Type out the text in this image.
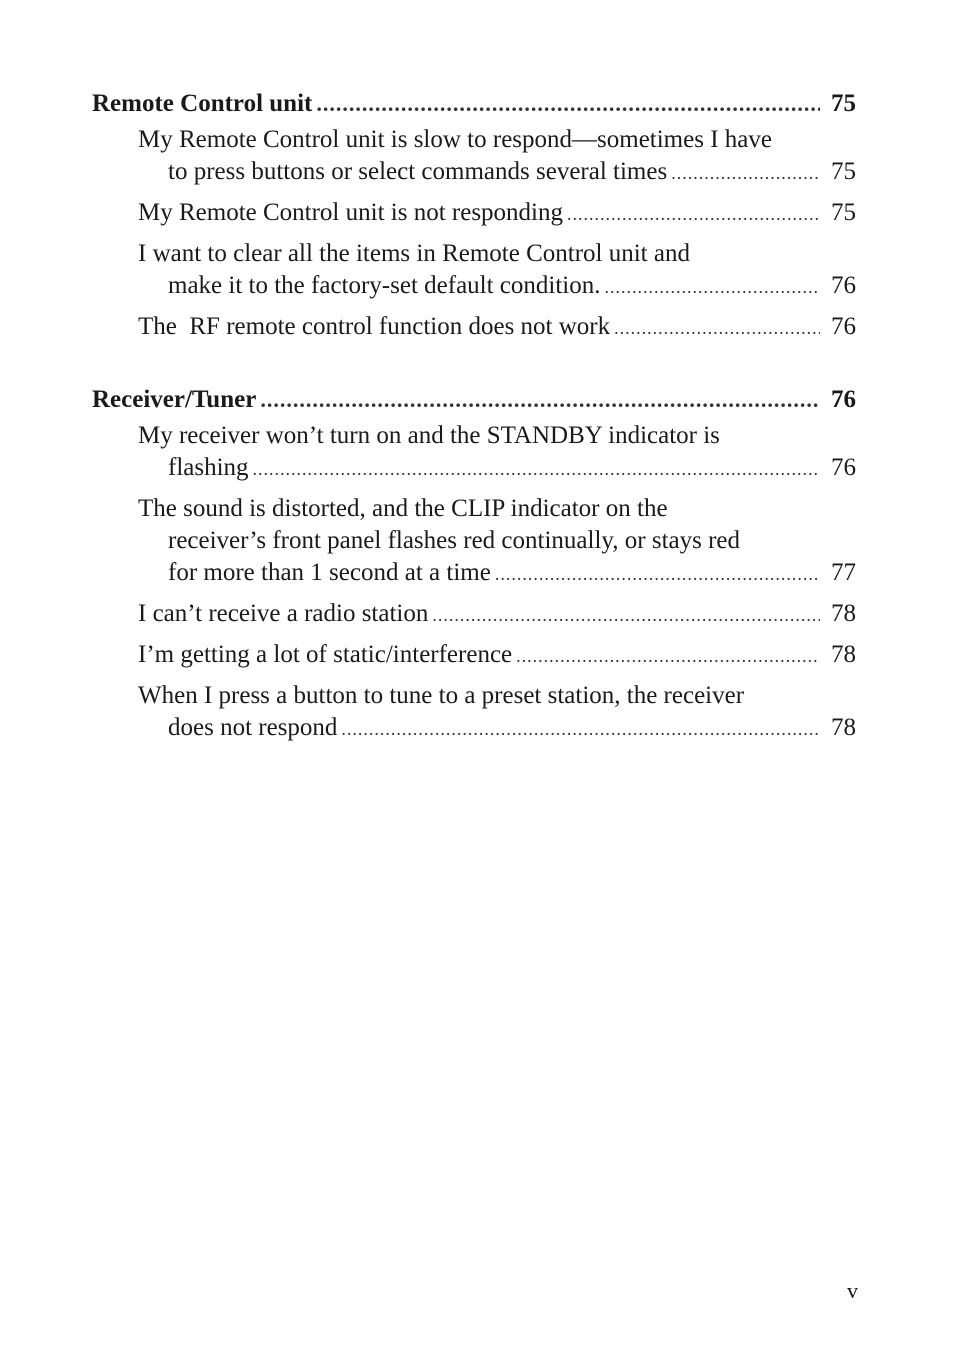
Remote Control unit .....	75
My Remote Control unit is slow to respond—sometimes I have
to press buttons or select commands several times .....	75
My Remote Control unit is not responding .....	75
I want to clear all the items in Remote Control unit and
make it to the factory-set default condition. .....	76
The  RF remote control function does not work .....	76
Receiver/Tuner .....	76
My receiver won’t turn on and the STANDBY indicator is
flashing .....	76
The sound is distorted, and the CLIP indicator on the
receiver’s front panel flashes red continually, or stays red
for more than 1 second at a time .....	77
I can’t receive a radio station .....	78
I’m getting a lot of static/interference .....	78
When I press a button to tune to a preset station, the receiver
does not respond .....	78
v
